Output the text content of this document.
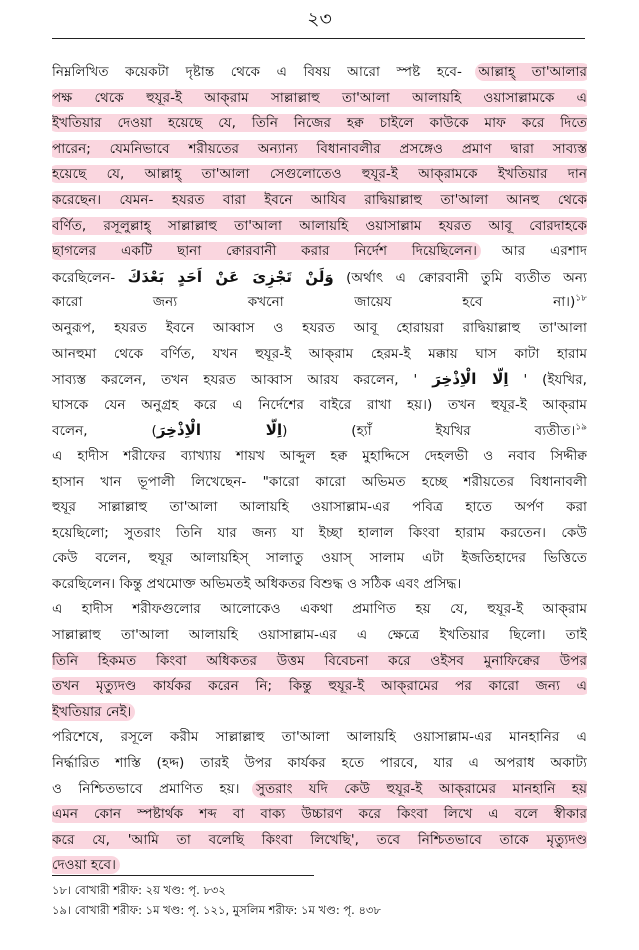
২৩
নিম্নলিখিত কয়েকটা দৃষ্টান্ত থেকে এ বিষয় আরো স্পষ্ট হবে- আল্লাহ্‌ তা'আলার
পক্ষ থেকে হুযূর-ই আক্‌রাম সাল্লাল্লাহু তা'আলা আলায়হি ওয়াসাল্লামকে এ
ইখতিয়ার দেওয়া হয়েছে যে, তিনি নিজের হক্ব চাইলে কাউকে মাফ করে দিতে
পারেন; যেমনিভাবে শরীয়তের অন্যান্য বিধানাবলীর প্রসঙ্গেও প্রমাণ দ্বারা সাব্যস্ত
হয়েছে যে, আল্লাহ্‌ তা'আলা সেগুলোতেও হুযূর-ই আক্‌রামকে ইখতিয়ার দান
করেছেন। যেমন- হযরত বারা ইবনে আযিব রাদ্বিয়াল্লাহু তা'আলা আনহু থেকে
বর্ণিত, রসূলুল্লাহ্‌ সাল্লাল্লাহু তা'আলা আলায়হি ওয়াসাল্লাম হযরত আবূ বোরদাহকে
ছাগলের একটি ছানা ক্বোরবানী করার নির্দেশ দিয়েছিলেন। আর এরশাদ
করেছিলেন- وَلَنْ تَجْزِىَ عَنْ اَحَدٍ بَعْدَكَ (অর্থাৎ এ ক্বোরবানী তুমি ব্যতীত অন্য
কারো জন্য কখনো জায়েয হবে না।)$^{১৮}$
অনুরূপ, হযরত ইবনে আব্বাস ও হযরত আবূ হোরায়রা রাদ্বিয়াল্লাহু তা'আলা
আনহুমা থেকে বর্ণিত, যখন হুযূর-ই আক্‌রাম হেরম-ই মক্কায় ঘাস কাটা হারাম
সাব্যস্ত করলেন, তখন হযরত আব্বাস আরয করলেন, ' اِلَّا الْاِذْخِرَ ' (ইযখির,
ঘাসকে যেন অনুগ্রহ করে এ নির্দেশের বাইরে রাখা হয়।) তখন হুযূর-ই আক্‌রাম
বলেন, (اِلَّا الْاِذْخِرَ) (হ্যাঁ ইযখির ব্যতীত।$^{১৯}$
এ হাদীস শরীফের ব্যাখ্যায় শায়খ আব্দুল হক্ব মুহাদ্দিসে দেহলভী ও নবাব সিদ্দীক্ব
হাসান খান ভূপালী লিখেছেন- "কারো কারো অভিমত হচ্ছে শরীয়তের বিধানাবলী
হুযূর সাল্লাল্লাহু তা'আলা আলায়হি ওয়াসাল্লাম-এর পবিত্র হাতে অর্পণ করা
হয়েছিলো; সুতরাং তিনি যার জন্য যা ইচ্ছা হালাল কিংবা হারাম করতেন। কেউ
কেউ বলেন, হুযূর আলায়হিস্‌ সালাতু ওয়াস্‌ সালাম এটা ইজতিহাদের ভিত্তিতে
করেছিলেন। কিন্তু প্রথমোক্ত অভিমতই অধিকতর বিশুদ্ধ ও সঠিক এবং প্রসিদ্ধ।
এ হাদীস শরীফগুলোর আলোকেও একথা প্রমাণিত হয় যে, হুযূর-ই আক্‌রাম
সাল্লাল্লাহু তা'আলা আলায়হি ওয়াসাল্লাম-এর এ ক্ষেত্রে ইখতিয়ার ছিলো। তাই
তিনি হিকমত কিংবা অধিকতর উত্তম বিবেচনা করে ওইসব মুনাফিক্বের উপর
তখন মৃত্যুদণ্ড কার্যকর করেন নি; কিন্তু হুযূর-ই আক্‌রামের পর কারো জন্য এ
ইখতিয়ার নেই।
পরিশেষে, রসূলে করীম সাল্লাল্লাহু তা'আলা আলায়হি ওয়াসাল্লাম-এর মানহানির এ
নির্দ্ধারিত শাস্তি (হদ্দ) তারই উপর কার্যকর হতে পারবে, যার এ অপরাধ অকাট্য
ও নিশ্চিতভাবে প্রমাণিত হয়। সুতরাং যদি কেউ হুযূর-ই আক্‌রামের মানহানি হয়
এমন কোন স্পষ্টার্থক শব্দ বা বাক্য উচ্চারণ করে কিংবা লিখে এ বলে স্বীকার
করে যে, 'আমি তা বলেছি কিংবা লিখেছি', তবে নিশ্চিতভাবে তাকে মৃত্যুদণ্ড
দেওয়া হবে।
১৮। বোখারী শরীফ: ২য় খণ্ড: পৃ. ৮৩২
১৯। বোখারী শরীফ: ১ম খণ্ড: পৃ. ১২১, মুসলিম শরীফ: ১ম খণ্ড: পৃ. ৪৩৮
